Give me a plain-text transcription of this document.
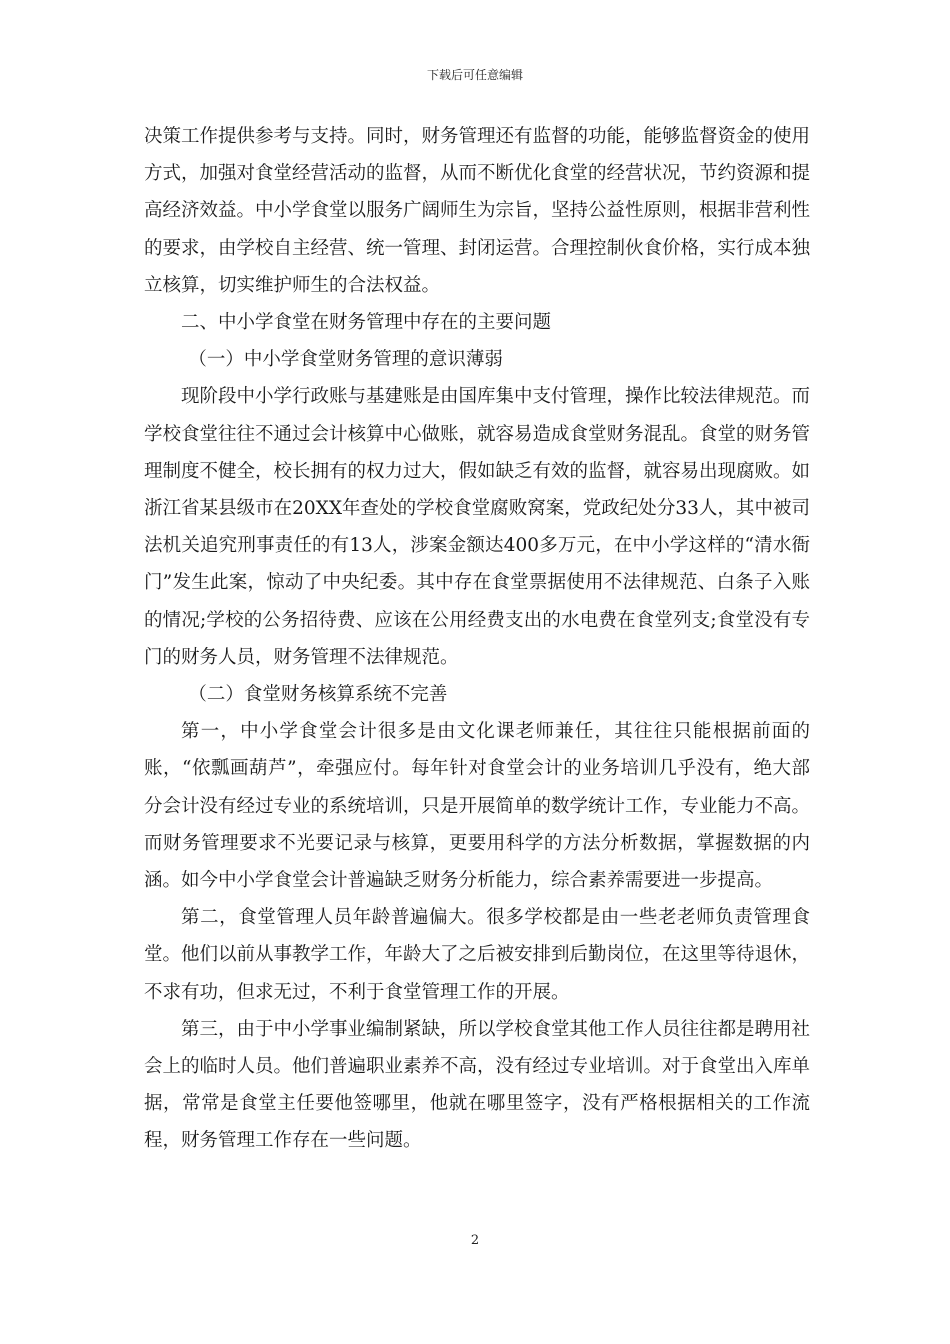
下载后可任意编辑

决策工作提供参考与支持。同时，财务管理还有监督的功能，能够监督资金的使用方式，加强对食堂经营活动的监督，从而不断优化食堂的经营状况，节约资源和提高经济效益。中小学食堂以服务广阔师生为宗旨，坚持公益性原则，根据非营利性的要求，由学校自主经营、统一管理、封闭运营。合理控制伙食价格，实行成本独立核算，切实维护师生的合法权益。

二、中小学食堂在财务管理中存在的主要问题

（一）中小学食堂财务管理的意识薄弱

现阶段中小学行政账与基建账是由国库集中支付管理，操作比较法律规范。而学校食堂往往不通过会计核算中心做账，就容易造成食堂财务混乱。食堂的财务管理制度不健全，校长拥有的权力过大，假如缺乏有效的监督，就容易出现腐败。如浙江省某县级市在20XX年查处的学校食堂腐败窝案，党政纪处分33人，其中被司法机关追究刑事责任的有13人，涉案金额达400多万元，在中小学这样的“清水衙门”发生此案，惊动了中央纪委。其中存在食堂票据使用不法律规范、白条子入账的情况;学校的公务招待费、应该在公用经费支出的水电费在食堂列支;食堂没有专门的财务人员，财务管理不法律规范。

（二）食堂财务核算系统不完善

第一，中小学食堂会计很多是由文化课老师兼任，其往往只能根据前面的账，“依瓢画葫芦”，牵强应付。每年针对食堂会计的业务培训几乎没有，绝大部分会计没有经过专业的系统培训，只是开展简单的数学统计工作，专业能力不高。而财务管理要求不光要记录与核算，更要用科学的方法分析数据，掌握数据的内涵。如今中小学食堂会计普遍缺乏财务分析能力，综合素养需要进一步提高。

第二，食堂管理人员年龄普遍偏大。很多学校都是由一些老老师负责管理食堂。他们以前从事教学工作，年龄大了之后被安排到后勤岗位，在这里等待退休，不求有功，但求无过，不利于食堂管理工作的开展。

第三，由于中小学事业编制紧缺，所以学校食堂其他工作人员往往都是聘用社会上的临时人员。他们普遍职业素养不高，没有经过专业培训。对于食堂出入库单据，常常是食堂主任要他签哪里，他就在哪里签字，没有严格根据相关的工作流程，财务管理工作存在一些问题。

2
